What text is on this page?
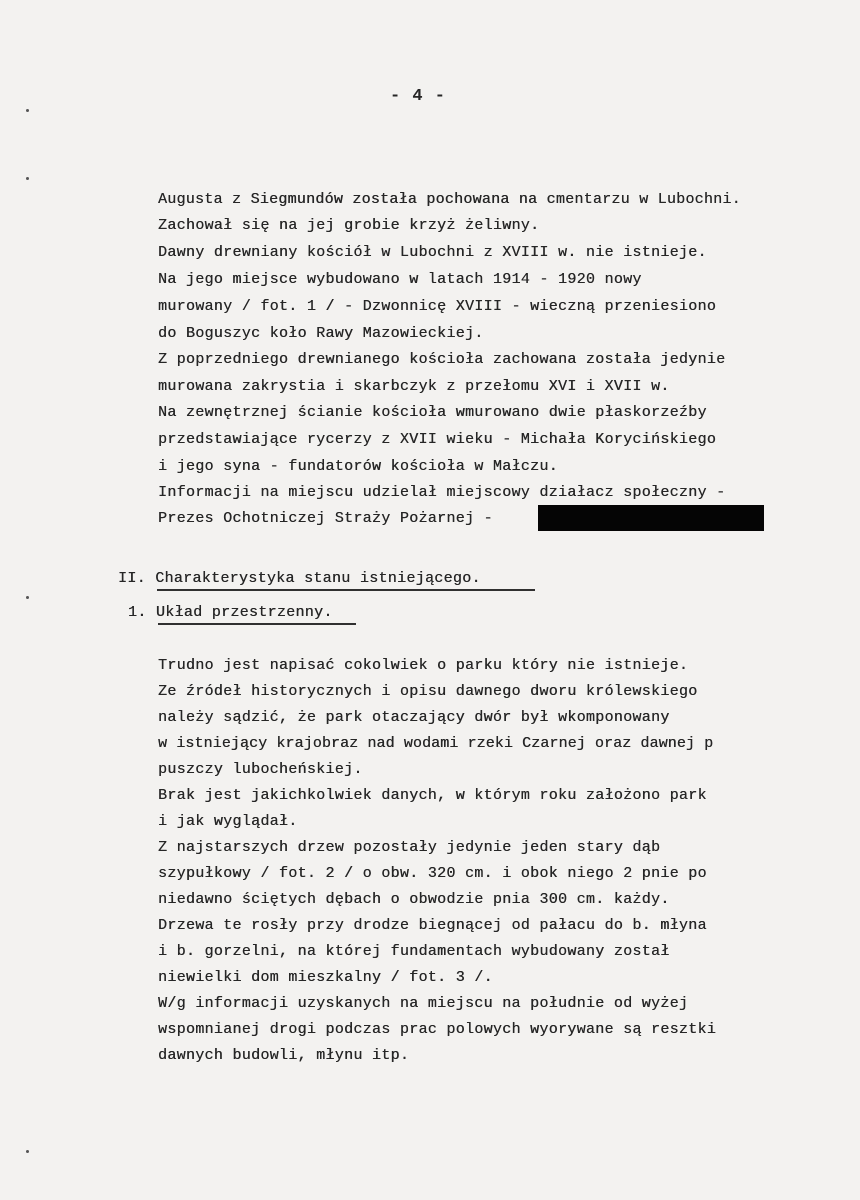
- 4 -
Augusta z Siegmundów została pochowana na cmentarzu w Lubochni.
Zachował się na jej grobie krzyż żeliwny.
Dawny drewniany kościół w Lubochni z XVIII w. nie istnieje.
Na jego miejsce wybudowano w latach 1914 - 1920 nowy
murowany / fot. 1 / - Dzwonnicę XVIII - wieczną przeniesiono
do Boguszyc koło Rawy Mazowieckiej.
Z poprzedniego drewnianego kościoła zachowana została jedynie
murowana zakrystia i skarbczyk z przełomu XVI i XVII w.
Na zewnętrznej ścianie kościoła wmurowano dwie płaskorzeźby
przedstawiające rycerzy z XVII wieku - Michała Korycińskiego
i jego syna - fundatorów kościoła w Małczu.
Informacji na miejscu udzielał miejscowy działacz społeczny -
Prezes Ochotniczej Straży Pożarnej -
II. Charakterystyka stanu istniejącego.
1. Układ przestrzenny.
Trudno jest napisać cokolwiek o parku który nie istnieje.
Ze źródeł historycznych i opisu dawnego dworu królewskiego
należy sądzić, że park otaczający dwór był wkomponowany
w istniejący krajobraz nad wodami rzeki Czarnej oraz dawnej p
puszczy lubocheńskiej.
Brak jest jakichkolwiek danych, w którym roku założono park
i jak wyglądał.
Z najstarszych drzew pozostały jedynie jeden stary dąb
szypułkowy / fot. 2 / o obw. 320 cm. i obok niego 2 pnie po
niedawno ściętych dębach o obwodzie pnia 300 cm. każdy.
Drzewa te rosły przy drodze biegnącej od pałacu do b. młyna
i b. gorzelni, na której fundamentach wybudowany został
niewielki dom mieszkalny / fot. 3 /.
W/g informacji uzyskanych na miejscu na południe od wyżej
wspomnianej drogi podczas prac polowych wyorywane są resztki
dawnych budowli, młynu itp.
